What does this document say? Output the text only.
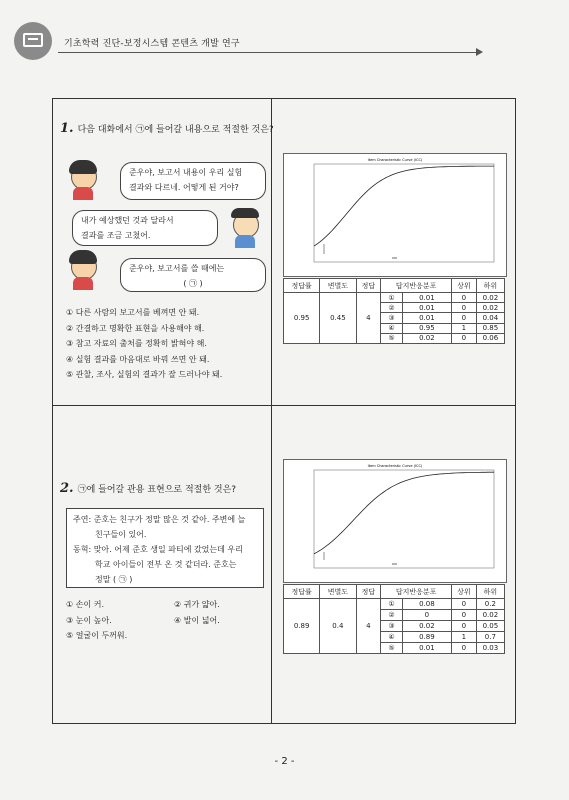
기초학력 진단-보정시스템 콘텐츠 개발 연구
1. 다음 대화에서 ㉠에 들어갈 내용으로 적절한 것은?
준우야, 보고서 내용이 우리 실험
결과와 다르네. 어떻게 된 거야?
내가 예상했던 것과 달라서
결과를 조금 고쳤어.
준우야, 보고서를 쓸 때에는
( ㉠ )
① 다른 사람의 보고서를 베껴면 안 돼.
② 간결하고 명확한 표현을 사용해야 해.
③ 참고 자료의 출처를 정확히 밝혀야 해.
④ 실험 결과를 마음대로 바꿔 쓰면 안 돼.
⑤ 관찰, 조사, 실험의 결과가 잘 드러나야 돼.
Item Characteristic Curve (ICC)
정답률	변별도	정답	답지반응분포		상위	하위
0.95	0.45	4	①	0.01	0	0.02
			②	0.01	0	0.02
			③	0.01	0	0.04
			④	0.95	1	0.85
			⑤	0.02	0	0.06
2. ㉠에 들어갈 관용 표현으로 적절한 것은?
주연: 준호는 친구가 정말 많은 것 같아. 주변에 늘
친구들이 있어.
동혁: 맞아. 어제 준호 생일 파티에 갔었는데 우리
학교 아이들이 전부 온 것 같더라. 준호는
정말 ( ㉠ )
① 손이 커.
③ 눈이 높아.
⑤ 얼굴이 두꺼워.
② 귀가 얇아.
④ 발이 넓어.
Item Characteristic Curve (ICC)
정답률	변별도	정답	답지반응분포		상위	하위
0.89	0.4	4	①	0.08	0	0.2
			②	0	0	0.02
			③	0.02	0	0.05
			④	0.89	1	0.7
			⑤	0.01	0	0.03
- 2 -
